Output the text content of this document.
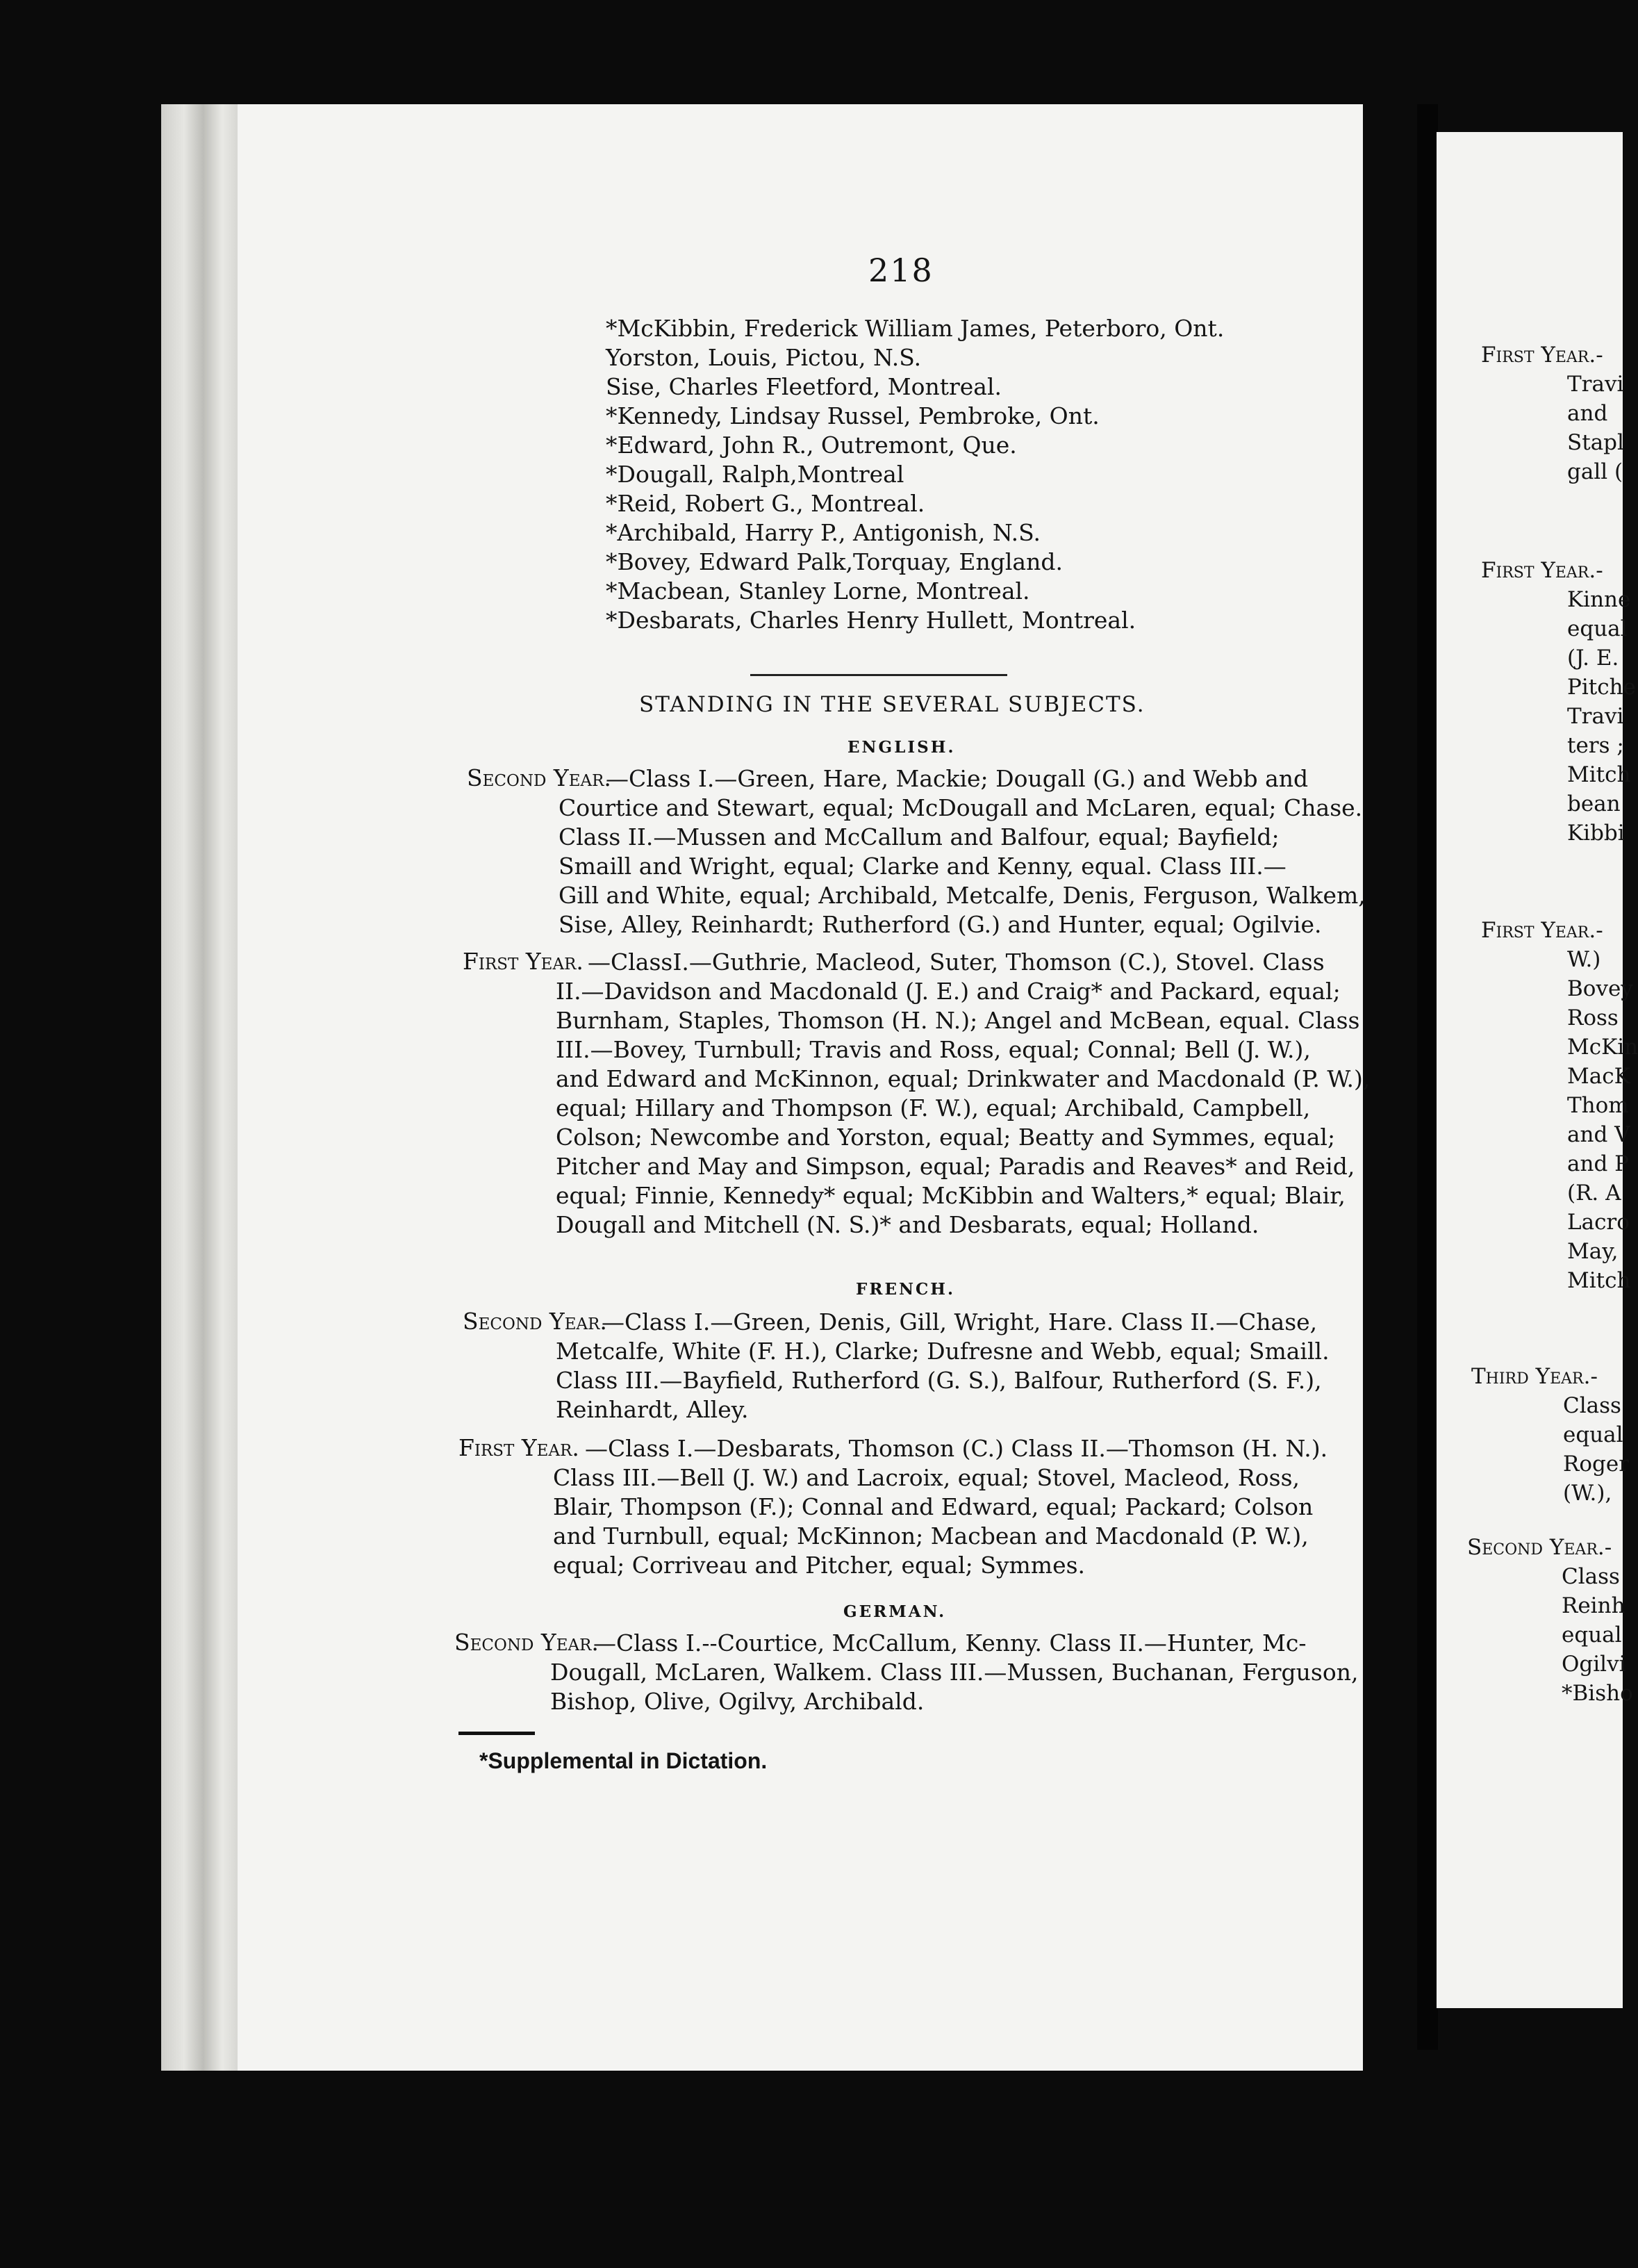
218
*McKibbin, Frederick William James, Peterboro, Ont.
Yorston, Louis, Pictou, N.S.
Sise, Charles Fleetford, Montreal.
*Kennedy, Lindsay Russel, Pembroke, Ont.
*Edward, John R., Outremont, Que.
*Dougall, Ralph,Montreal
*Reid, Robert G., Montreal.
*Archibald, Harry P., Antigonish, N.S.
*Bovey, Edward Palk,Torquay, England.
*Macbean, Stanley Lorne, Montreal.
*Desbarats, Charles Henry Hullett, Montreal.
STANDING IN THE SEVERAL SUBJECTS.
ENGLISH.
Second Year.
—Class I.—Green, Hare, Mackie; Dougall (G.) and Webb and
Courtice and Stewart, equal; McDougall and McLaren, equal; Chase.
Class II.—Mussen and McCallum and Balfour, equal; Bayfield;
Smaill and Wright, equal; Clarke and Kenny, equal. Class III.—
Gill and White, equal; Archibald, Metcalfe, Denis, Ferguson, Walkem,
Sise, Alley, Reinhardt; Rutherford (G.) and Hunter, equal; Ogilvie.
First Year. —ClassI.—Guthrie, Macleod, Suter, Thomson (C.), Stovel. Class
II.—Davidson and Macdonald (J. E.) and Craig* and Packard, equal;
Burnham, Staples, Thomson (H. N.); Angel and McBean, equal. Class
III.—Bovey, Turnbull; Travis and Ross, equal; Connal; Bell (J. W.),
and Edward and McKinnon, equal; Drinkwater and Macdonald (P. W.),
equal; Hillary and Thompson (F. W.), equal; Archibald, Campbell,
Colson; Newcombe and Yorston, equal; Beatty and Symmes, equal;
Pitcher and May and Simpson, equal; Paradis and Reaves* and Reid,
equal; Finnie, Kennedy* equal; McKibbin and Walters,* equal; Blair,
Dougall and Mitchell (N. S.)* and Desbarats, equal; Holland.
FRENCH.
Second Year.
—Class I.—Green, Denis, Gill, Wright, Hare. Class II.—Chase,
Metcalfe, White (F. H.), Clarke; Dufresne and Webb, equal; Smaill.
Class III.—Bayfield, Rutherford (G. S.), Balfour, Rutherford (S. F.),
Reinhardt, Alley.
First Year. —Class I.—Desbarats, Thomson (C.) Class II.—Thomson (H. N.).
Class III.—Bell (J. W.) and Lacroix, equal; Stovel, Macleod, Ross,
Blair, Thompson (F.); Connal and Edward, equal; Packard; Colson
and Turnbull, equal; McKinnon; Macbean and Macdonald (P. W.),
equal; Corriveau and Pitcher, equal; Symmes.
GERMAN.
Second Year.
—Class I.--Courtice, McCallum, Kenny. Class II.—Hunter, Mc-
Dougall, McLaren, Walkem. Class III.—Mussen, Buchanan, Ferguson,
Bishop, Olive, Ogilvy, Archibald.
*Supplemental in Dictation.
First Year.-
Travi
and
Stapl
gall (
First Year.-
Kinne
equal
(J. E.
Pitche
Travi
ters ;
Mitch
bean
Kibbi
First Year.-
W.)
Bovey
Ross
McKin
MacK
Thom
and V
and P
(R. A
Lacro
May,
Mitch
Third Year.-
Class
equal
Roger
(W.),
Second Year.-
Class
Reinh
equal
Ogilvi
*Bisho
